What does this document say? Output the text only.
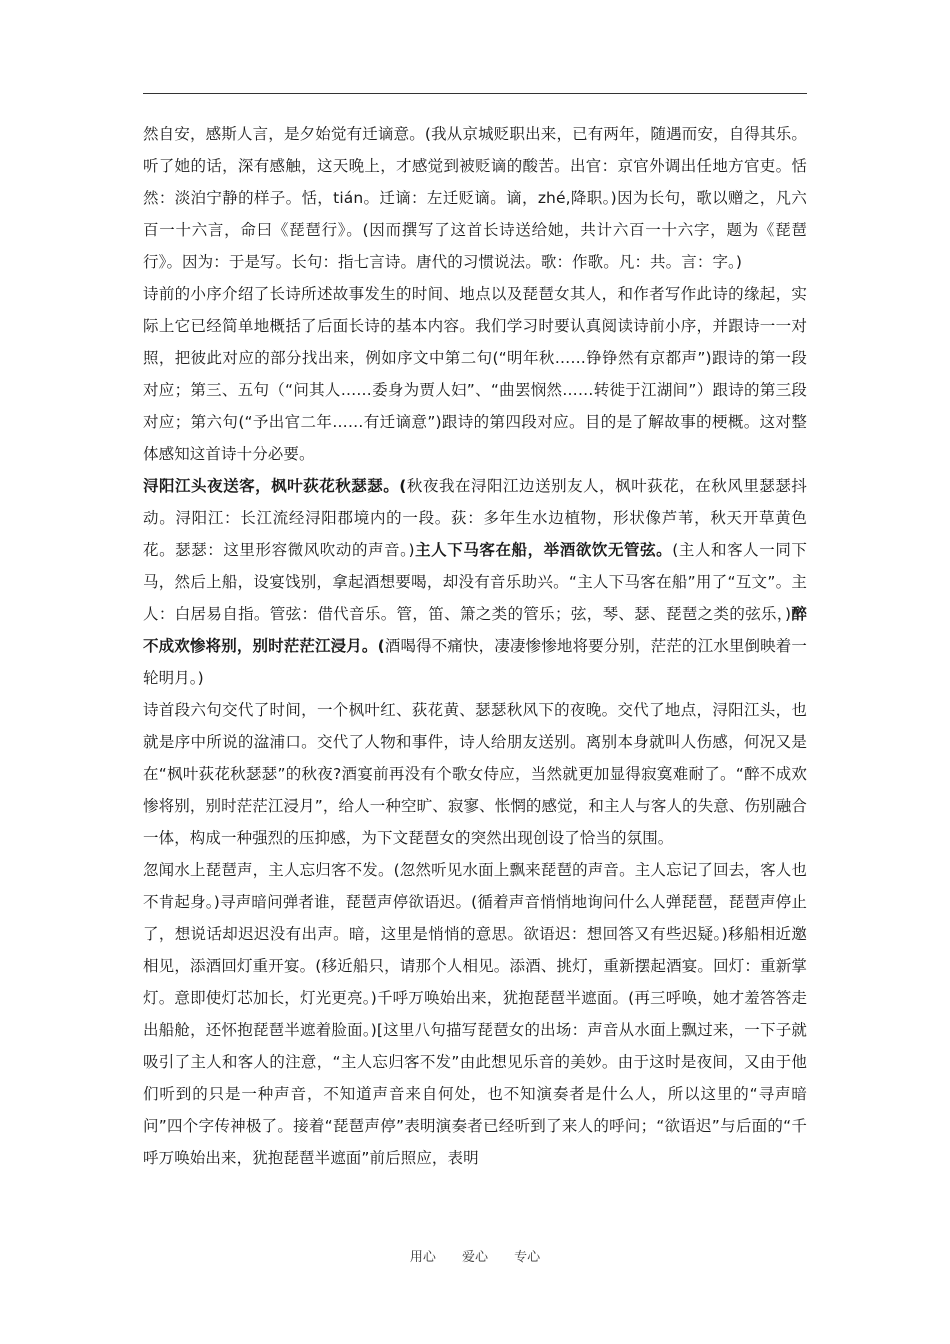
然自安，感斯人言，是夕始觉有迁谪意。(我从京城贬职出来，已有两年，随遇而安，自得其乐。听了她的话，深有感触，这天晚上，才感觉到被贬谪的酸苦。出官：京官外调出任地方官吏。恬然：淡泊宁静的样子。恬，tián。迁谪：左迁贬谪。谪，zhé,降职。)因为长句，歌以赠之，凡六百一十六言，命曰《琵琶行》。(因而撰写了这首长诗送给她，共计六百一十六字，题为《琵琶行》。因为：于是写。长句：指七言诗。唐代的习惯说法。歌：作歌。凡：共。言：字。)

诗前的小序介绍了长诗所述故事发生的时间、地点以及琵琶女其人，和作者写作此诗的缘起，实际上它已经简单地概括了后面长诗的基本内容。我们学习时要认真阅读诗前小序，并跟诗一一对照，把彼此对应的部分找出来，例如序文中第二句(“明年秋……铮铮然有京都声”)跟诗的第一段对应；第三、五句（“问其人……委身为贾人妇”、“曲罢悯然……转徙于江湖间”）跟诗的第三段对应；第六句(“予出官二年……有迁谪意”)跟诗的第四段对应。目的是了解故事的梗概。这对整体感知这首诗十分必要。

浔阳江头夜送客，枫叶荻花秋瑟瑟。(秋夜我在浔阳江边送别友人，枫叶荻花，在秋风里瑟瑟抖动。浔阳江：长江流经浔阳郡境内的一段。荻：多年生水边植物，形状像芦苇，秋天开草黄色花。瑟瑟：这里形容微风吹动的声音。)主人下马客在船，举酒欲饮无管弦。(主人和客人一同下马，然后上船，设宴饯别，拿起酒想要喝，却没有音乐助兴。“主人下马客在船”用了“互文”。主人：白居易自指。管弦：借代音乐。管，笛、箫之类的管乐；弦，琴、瑟、琵琶之类的弦乐，)醉不成欢惨将别，别时茫茫江浸月。(酒喝得不痛快，凄凄惨惨地将要分别，茫茫的江水里倒映着一轮明月。)

诗首段六句交代了时间，一个枫叶红、荻花黄、瑟瑟秋风下的夜晚。交代了地点，浔阳江头，也就是序中所说的湓浦口。交代了人物和事件，诗人给朋友送别。离别本身就叫人伤感，何况又是在“枫叶荻花秋瑟瑟”的秋夜?酒宴前再没有个歌女侍应，当然就更加显得寂寞难耐了。“醉不成欢惨将别，别时茫茫江浸月”，给人一种空旷、寂寥、怅惘的感觉，和主人与客人的失意、伤别融合一体，构成一种强烈的压抑感，为下文琵琶女的突然出现创设了恰当的氛围。

忽闻水上琵琶声，主人忘归客不发。(忽然听见水面上飘来琵琶的声音。主人忘记了回去，客人也不肯起身。)寻声暗问弹者谁，琵琶声停欲语迟。(循着声音悄悄地询问什么人弹琵琶，琵琶声停止了，想说话却迟迟没有出声。暗，这里是悄悄的意思。欲语迟：想回答又有些迟疑。)移船相近邀相见，添酒回灯重开宴。(移近船只，请那个人相见。添酒、挑灯，重新摆起酒宴。回灯：重新掌灯。意即使灯芯加长，灯光更亮。)千呼万唤始出来，犹抱琵琶半遮面。(再三呼唤，她才羞答答走出船舱，还怀抱琵琶半遮着脸面。)[这里八句描写琵琶女的出场：声音从水面上飘过来，一下子就吸引了主人和客人的注意，“主人忘归客不发”由此想见乐音的美妙。由于这时是夜间，又由于他们听到的只是一种声音，不知道声音来自何处，也不知演奏者是什么人，所以这里的“寻声暗问”四个字传神极了。接着“琵琶声停”表明演奏者已经听到了来人的呼问；“欲语迟”与后面的“千呼万唤始出来，犹抱琵琶半遮面”前后照应，表明

用心 爱心 专心
